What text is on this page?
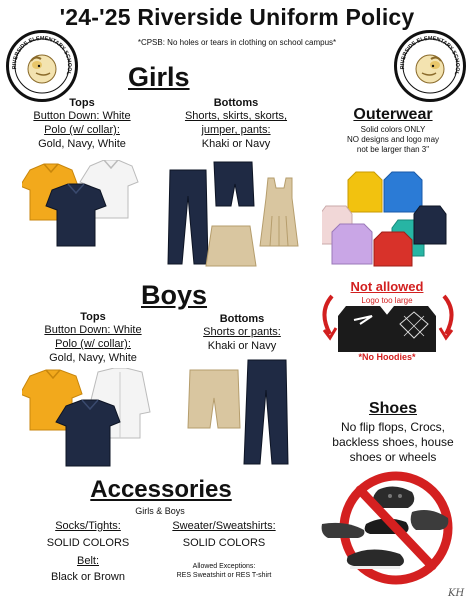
'24-'25 Riverside Uniform Policy
*CPSB: No holes or tears in clothing on school campus*
RIVERSIDE ELEMENTARY SCHOOL
RIVERSIDE ELEMENTARY SCHOOL
Girls
Tops
Button Down: White
Polo (w/ collar):
Gold, Navy, White
Bottoms
Shorts, skirts, skorts,
jumper, pants:
Khaki or Navy
Outerwear
Solid colors ONLY
NO designs and logo may
not be larger than 3"
Not allowed
Logo too large
*No Hoodies*
Boys
Tops
Button Down: White
Polo (w/ collar):
Gold, Navy, White
Bottoms
Shorts or pants:
Khaki or Navy
Shoes
No flip flops, Crocs,
backless shoes, house
shoes or wheels
Accessories
Girls & Boys
Socks/Tights:
SOLID COLORS
Sweater/Sweatshirts:
SOLID COLORS
Belt:
Black or Brown
Allowed Exceptions:
RES Sweatshirt or RES T-shirt
KH
